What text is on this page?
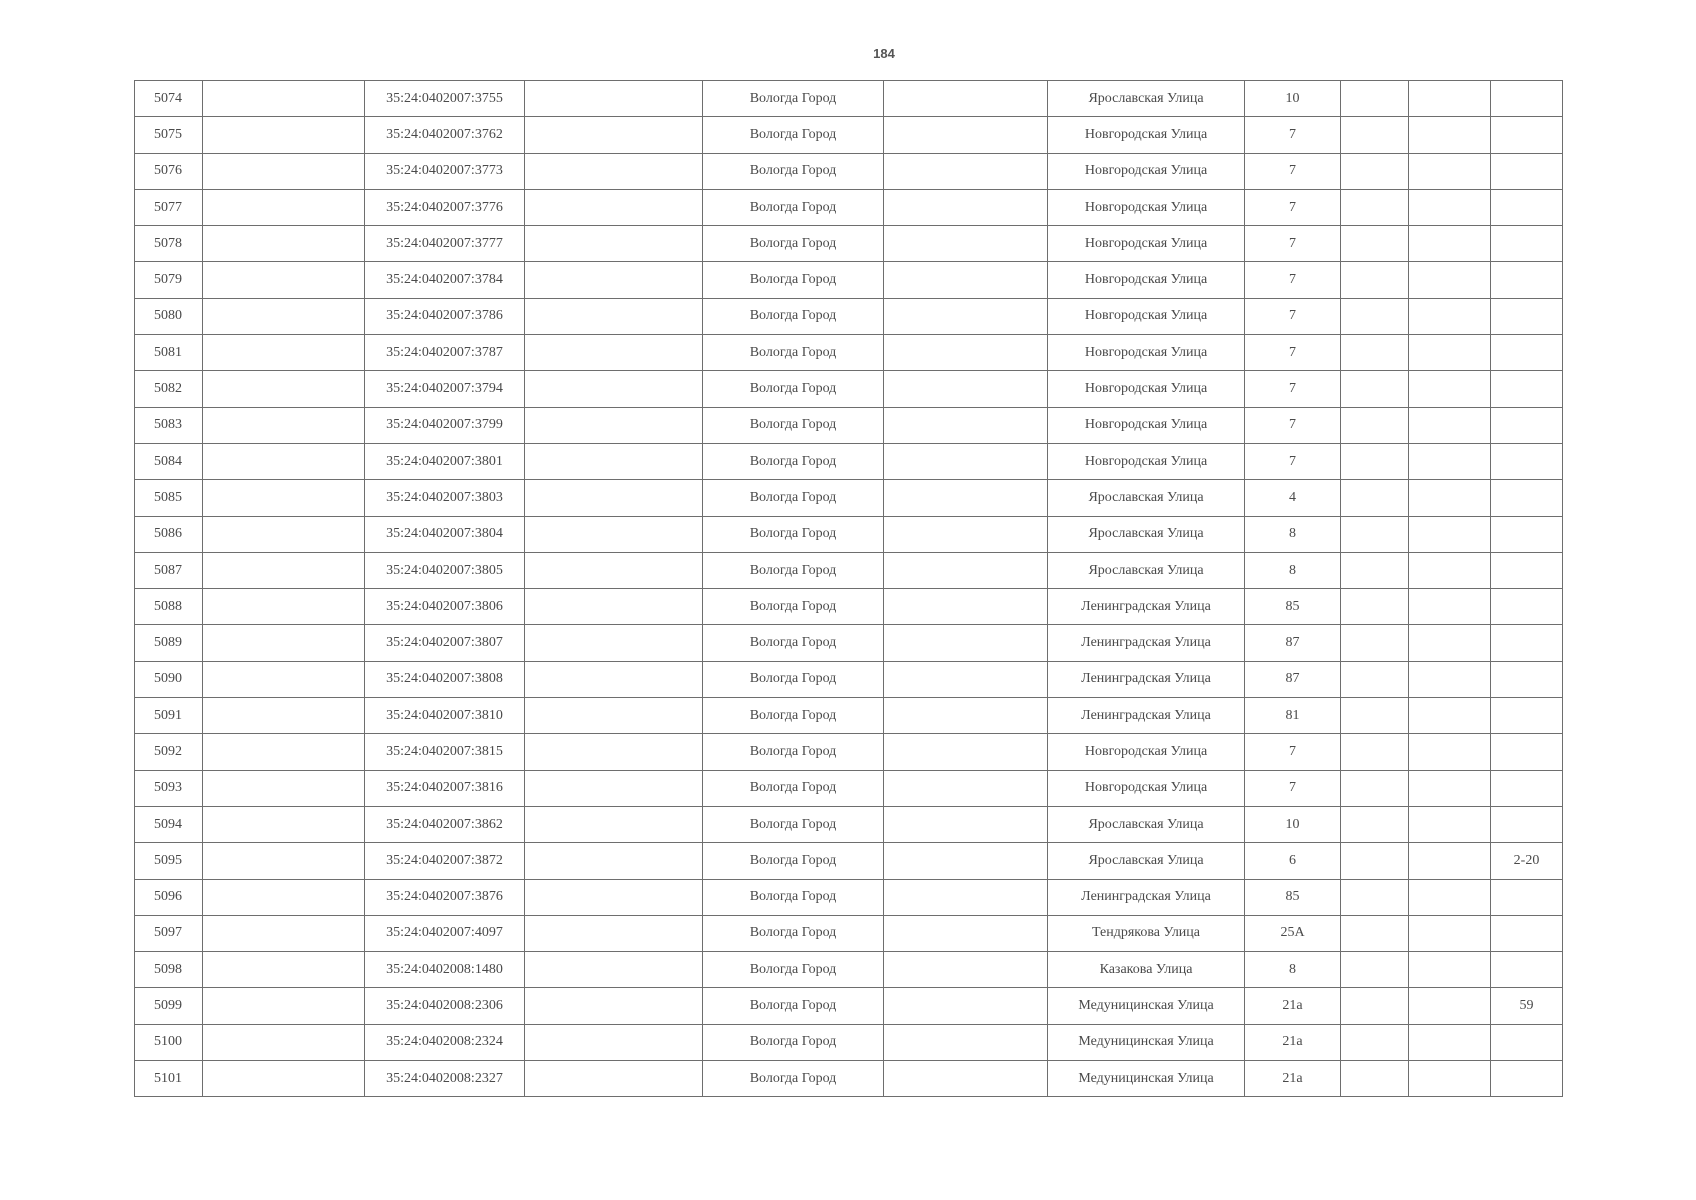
184
5074		35:24:0402007:3755		Вологда Город		Ярославская Улица	10			
5075		35:24:0402007:3762		Вологда Город		Новгородская Улица	7			
5076		35:24:0402007:3773		Вологда Город		Новгородская Улица	7			
5077		35:24:0402007:3776		Вологда Город		Новгородская Улица	7			
5078		35:24:0402007:3777		Вологда Город		Новгородская Улица	7			
5079		35:24:0402007:3784		Вологда Город		Новгородская Улица	7			
5080		35:24:0402007:3786		Вологда Город		Новгородская Улица	7			
5081		35:24:0402007:3787		Вологда Город		Новгородская Улица	7			
5082		35:24:0402007:3794		Вологда Город		Новгородская Улица	7			
5083		35:24:0402007:3799		Вологда Город		Новгородская Улица	7			
5084		35:24:0402007:3801		Вологда Город		Новгородская Улица	7			
5085		35:24:0402007:3803		Вологда Город		Ярославская Улица	4			
5086		35:24:0402007:3804		Вологда Город		Ярославская Улица	8			
5087		35:24:0402007:3805		Вологда Город		Ярославская Улица	8			
5088		35:24:0402007:3806		Вологда Город		Ленинградская Улица	85			
5089		35:24:0402007:3807		Вологда Город		Ленинградская Улица	87			
5090		35:24:0402007:3808		Вологда Город		Ленинградская Улица	87			
5091		35:24:0402007:3810		Вологда Город		Ленинградская Улица	81			
5092		35:24:0402007:3815		Вологда Город		Новгородская Улица	7			
5093		35:24:0402007:3816		Вологда Город		Новгородская Улица	7			
5094		35:24:0402007:3862		Вологда Город		Ярославская Улица	10			
5095		35:24:0402007:3872		Вологда Город		Ярославская Улица	6			2-20
5096		35:24:0402007:3876		Вологда Город		Ленинградская Улица	85			
5097		35:24:0402007:4097		Вологда Город		Тендрякова Улица	25А			
5098		35:24:0402008:1480		Вологда Город		Казакова Улица	8			
5099		35:24:0402008:2306		Вологда Город		Медуницинская Улица	21а			59
5100		35:24:0402008:2324		Вологда Город		Медуницинская Улица	21а			
5101		35:24:0402008:2327		Вологда Город		Медуницинская Улица	21а			
